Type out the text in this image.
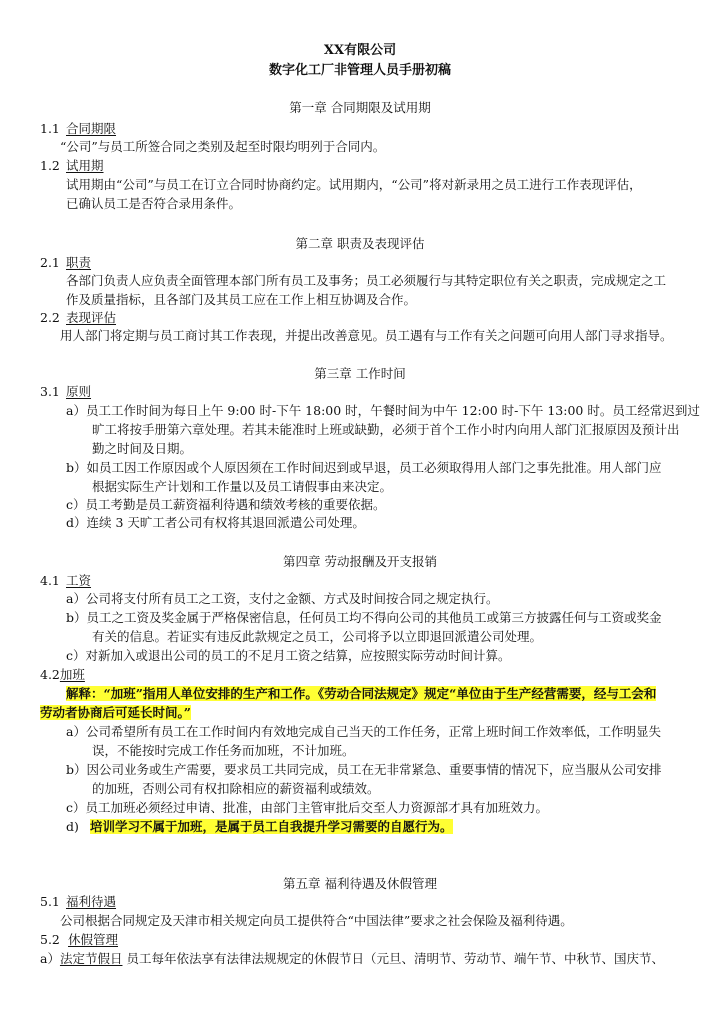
XX有限公司
数字化工厂非管理人员手册初稿
第一章 合同期限及试用期
1.1 合同期限
“公司”与员工所签合同之类别及起至时限均明列于合同内。
1.2 试用期
试用期由“公司”与员工在订立合同时协商约定。试用期内，“公司”将对新录用之员工进行工作表现评估，
已确认员工是否符合录用条件。
第二章 职责及表现评估
2.1 职责
各部门负责人应负责全面管理本部门所有员工及事务；员工必须履行与其特定职位有关之职责，完成规定之工
作及质量指标，且各部门及其员工应在工作上相互协调及合作。
2.2 表现评估
用人部门将定期与员工商讨其工作表现，并提出改善意见。员工遇有与工作有关之问题可向用人部门寻求指导。
第三章 工作时间
3.1 原则
a）员工工作时间为每日上午 9:00 时-下午 18:00 时，午餐时间为中午 12:00 时-下午 13:00 时。员工经常迟到过
旷工将按手册第六章处理。若其未能准时上班或缺勤，必须于首个工作小时内向用人部门汇报原因及预计出
勤之时间及日期。
b）如员工因工作原因或个人原因须在工作时间迟到或早退，员工必须取得用人部门之事先批准。用人部门应
根据实际生产计划和工作量以及员工请假事由来决定。
c）员工考勤是员工薪资福利待遇和绩效考核的重要依据。
d）连续 3 天旷工者公司有权将其退回派遣公司处理。
第四章 劳动报酬及开支报销
4.1 工资
a）公司将支付所有员工之工资，支付之金额、方式及时间按合同之规定执行。
b）员工之工资及奖金属于严格保密信息，任何员工均不得向公司的其他员工或第三方披露任何与工资或奖金
有关的信息。若证实有违反此款规定之员工，公司将予以立即退回派遣公司处理。
c）对新加入或退出公司的员工的不足月工资之结算，应按照实际劳动时间计算。
4.2加班
解释：“加班”指用人单位安排的生产和工作。《劳动合同法规定》规定“单位由于生产经营需要，经与工会和
劳动者协商后可延长时间。”
a）公司希望所有员工在工作时间内有效地完成自己当天的工作任务，正常上班时间工作效率低，工作明显失
误，不能按时完成工作任务而加班，不计加班。
b）因公司业务或生产需要，要求员工共同完成，员工在无非常紧急、重要事情的情况下，应当服从公司安排
的加班，否则公司有权扣除相应的薪资福利或绩效。
c）员工加班必须经过申请、批准，由部门主管审批后交至人力资源部才具有加班效力。
d) 培训学习不属于加班，是属于员工自我提升学习需要的自愿行为。
第五章 福利待遇及休假管理
5.1 福利待遇
公司根据合同规定及天津市相关规定向员工提供符合“中国法律”要求之社会保险及福利待遇。
5.2 休假管理
a）法定节假日 员工每年依法享有法律法规规定的休假节日（元旦、清明节、劳动节、端午节、中秋节、国庆节、
